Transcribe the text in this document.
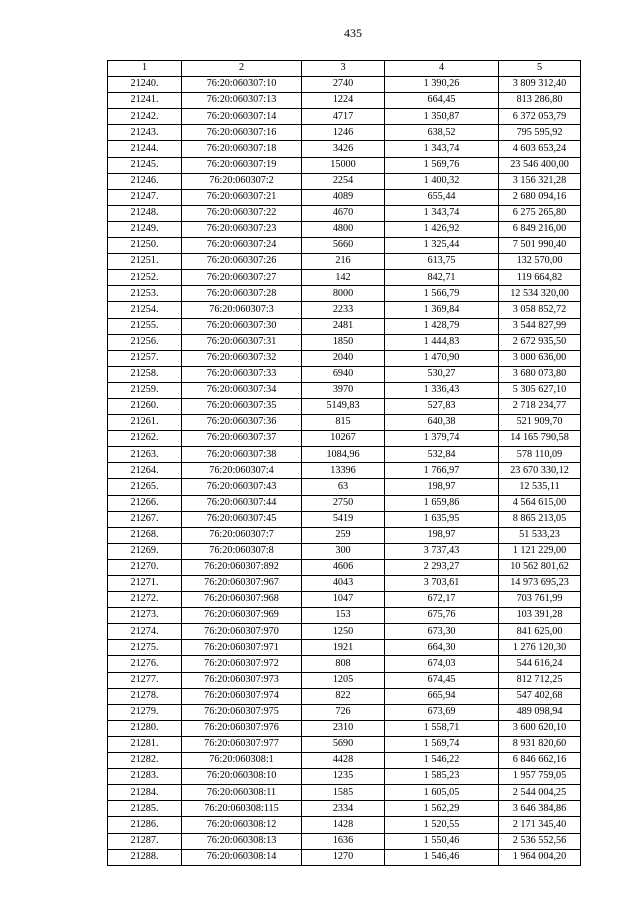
435
1	2	3	4	5
21240.	76:20:060307:10	2740	1 390,26	3 809 312,40
21241.	76:20:060307:13	1224	664,45	813 286,80
21242.	76:20:060307:14	4717	1 350,87	6 372 053,79
21243.	76:20:060307:16	1246	638,52	795 595,92
21244.	76:20:060307:18	3426	1 343,74	4 603 653,24
21245.	76:20:060307:19	15000	1 569,76	23 546 400,00
21246.	76:20:060307:2	2254	1 400,32	3 156 321,28
21247.	76:20:060307:21	4089	655,44	2 680 094,16
21248.	76:20:060307:22	4670	1 343,74	6 275 265,80
21249.	76:20:060307:23	4800	1 426,92	6 849 216,00
21250.	76:20:060307:24	5660	1 325,44	7 501 990,40
21251.	76:20:060307:26	216	613,75	132 570,00
21252.	76:20:060307:27	142	842,71	119 664,82
21253.	76:20:060307:28	8000	1 566,79	12 534 320,00
21254.	76:20:060307:3	2233	1 369,84	3 058 852,72
21255.	76:20:060307:30	2481	1 428,79	3 544 827,99
21256.	76:20:060307:31	1850	1 444,83	2 672 935,50
21257.	76:20:060307:32	2040	1 470,90	3 000 636,00
21258.	76:20:060307:33	6940	530,27	3 680 073,80
21259.	76:20:060307:34	3970	1 336,43	5 305 627,10
21260.	76:20:060307:35	5149,83	527,83	2 718 234,77
21261.	76:20:060307:36	815	640,38	521 909,70
21262.	76:20:060307:37	10267	1 379,74	14 165 790,58
21263.	76:20:060307:38	1084,96	532,84	578 110,09
21264.	76:20:060307:4	13396	1 766,97	23 670 330,12
21265.	76:20:060307:43	63	198,97	12 535,11
21266.	76:20:060307:44	2750	1 659,86	4 564 615,00
21267.	76:20:060307:45	5419	1 635,95	8 865 213,05
21268.	76:20:060307:7	259	198,97	51 533,23
21269.	76:20:060307:8	300	3 737,43	1 121 229,00
21270.	76:20:060307:892	4606	2 293,27	10 562 801,62
21271.	76:20:060307:967	4043	3 703,61	14 973 695,23
21272.	76:20:060307:968	1047	672,17	703 761,99
21273.	76:20:060307:969	153	675,76	103 391,28
21274.	76:20:060307:970	1250	673,30	841 625,00
21275.	76:20:060307:971	1921	664,30	1 276 120,30
21276.	76:20:060307:972	808	674,03	544 616,24
21277.	76:20:060307:973	1205	674,45	812 712,25
21278.	76:20:060307:974	822	665,94	547 402,68
21279.	76:20:060307:975	726	673,69	489 098,94
21280.	76:20:060307:976	2310	1 558,71	3 600 620,10
21281.	76:20:060307:977	5690	1 569,74	8 931 820,60
21282.	76:20:060308:1	4428	1 546,22	6 846 662,16
21283.	76:20:060308:10	1235	1 585,23	1 957 759,05
21284.	76:20:060308:11	1585	1 605,05	2 544 004,25
21285.	76:20:060308:115	2334	1 562,29	3 646 384,86
21286.	76:20:060308:12	1428	1 520,55	2 171 345,40
21287.	76:20:060308:13	1636	1 550,46	2 536 552,56
21288.	76:20:060308:14	1270	1 546,46	1 964 004,20
